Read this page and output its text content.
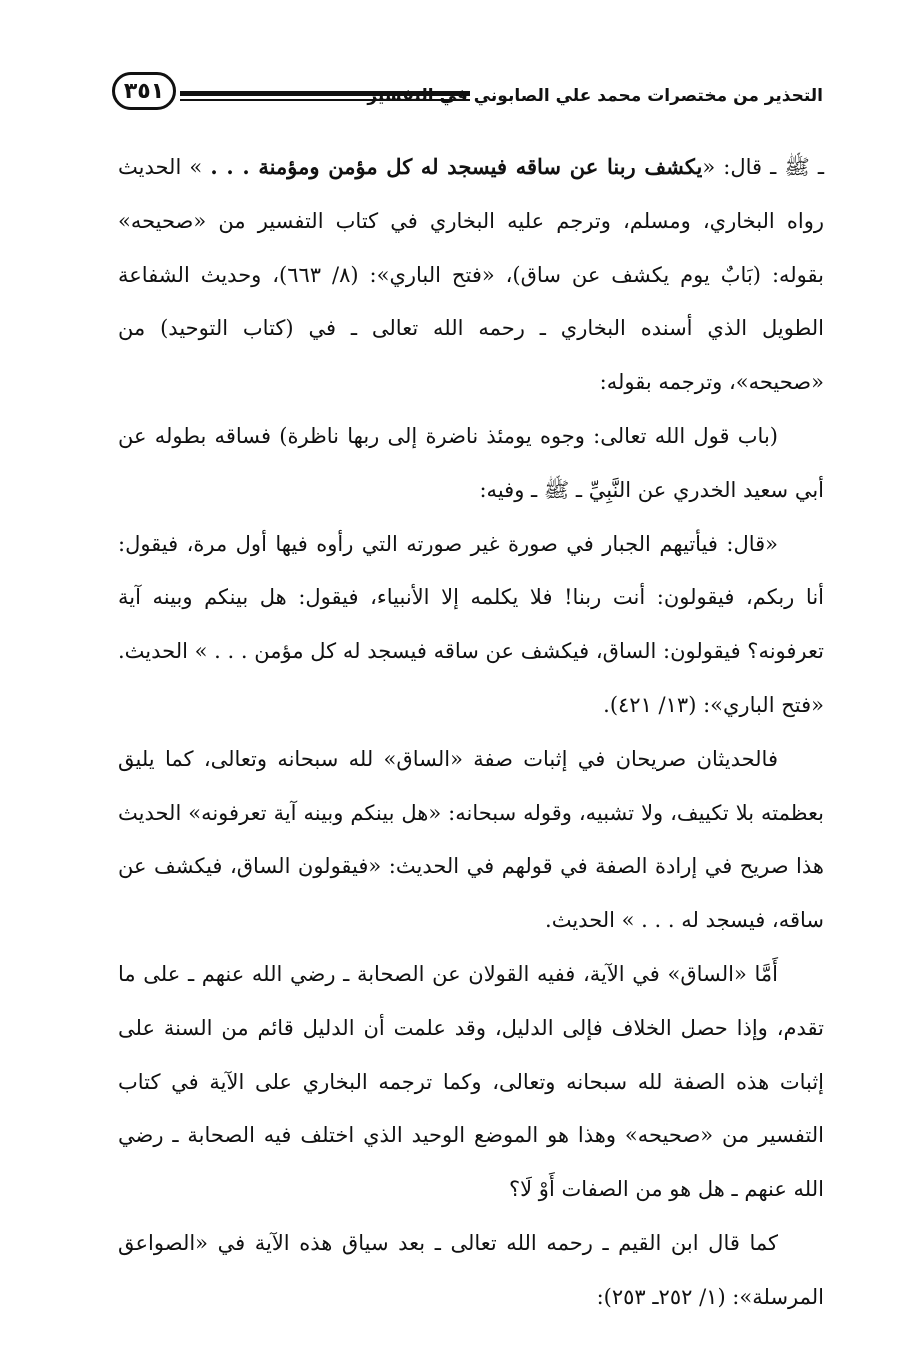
٣٥١	التحذير من مختصرات محمد علي الصابوني في التفسير

ـ ﷺ ـ قال: «يكشف ربنا عن ساقه فيسجد له كل مؤمن ومؤمنة . . . » الحديث رواه البخاري، ومسلم، وترجم عليه البخاري في كتاب التفسير من «صحيحه» بقوله: (بَابٌ يوم يكشف عن ساق)، «فتح الباري»: (٨/ ٦٦٣)، وحديث الشفاعة الطويل الذي أسنده البخاري ـ رحمه الله تعالى ـ في (كتاب التوحيد) من «صحيحه»، وترجمه بقوله:

(باب قول الله تعالى: وجوه يومئذ ناضرة إلى ربها ناظرة) فساقه بطوله عن أبي سعيد الخدري عن النَّبِيِّ ـ ﷺ ـ وفيه:

«قال: فيأتيهم الجبار في صورة غير صورته التي رأوه فيها أول مرة، فيقول: أنا ربكم، فيقولون: أنت ربنا! فلا يكلمه إلا الأنبياء، فيقول: هل بينكم وبينه آية تعرفونه؟ فيقولون: الساق، فيكشف عن ساقه فيسجد له كل مؤمن . . . » الحديث. «فتح الباري»: (١٣/ ٤٢١).

فالحديثان صريحان في إثبات صفة «الساق» لله سبحانه وتعالى، كما يليق بعظمته بلا تكييف، ولا تشبيه، وقوله سبحانه: «هل بينكم وبينه آية تعرفونه» الحديث هذا صريح في إرادة الصفة في قولهم في الحديث: «فيقولون الساق، فيكشف عن ساقه، فيسجد له . . . » الحديث.

أَمَّا «الساق» في الآية، ففيه القولان عن الصحابة ـ رضي الله عنهم ـ على ما تقدم، وإذا حصل الخلاف فإلى الدليل، وقد علمت أن الدليل قائم من السنة على إثبات هذه الصفة لله سبحانه وتعالى، وكما ترجمه البخاري على الآية في كتاب التفسير من «صحيحه» وهذا هو الموضع الوحيد الذي اختلف فيه الصحابة ـ رضي الله عنهم ـ هل هو من الصفات أَوْ لَا؟

كما قال ابن القيم ـ رحمه الله تعالى ـ بعد سياق هذه الآية في «الصواعق المرسلة»: (١/ ٢٥٢ـ ٢٥٣):
